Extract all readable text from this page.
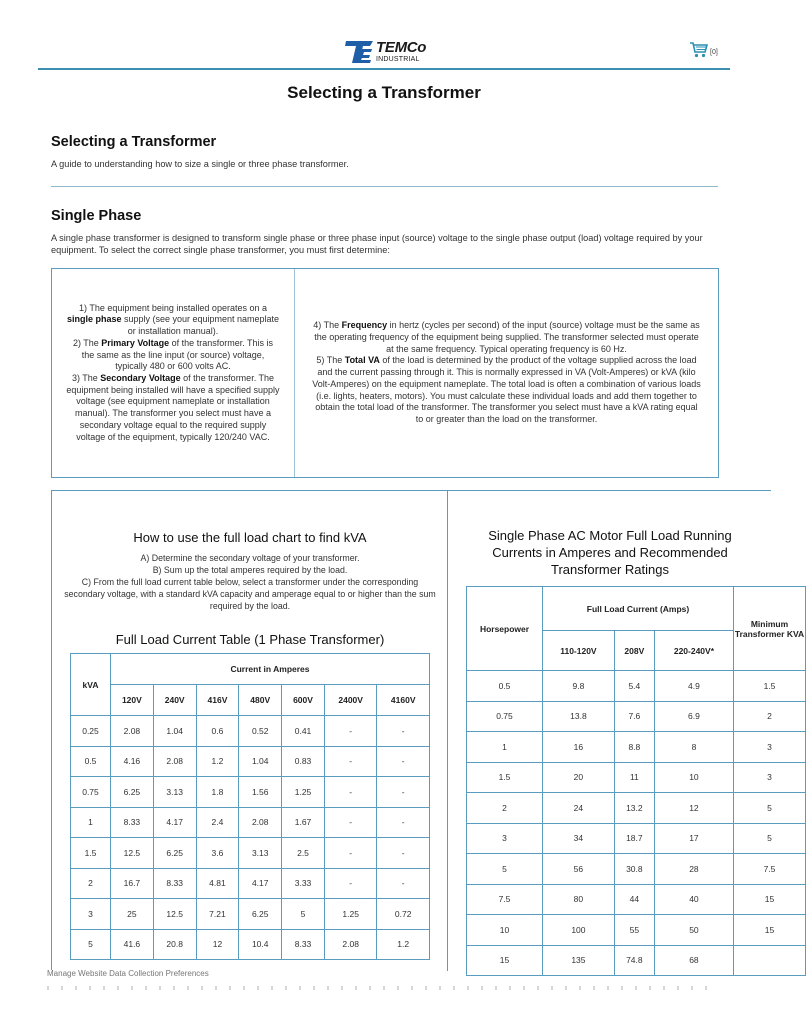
TEMCo
INDUSTRIAL
[0]
Selecting a Transformer
Selecting a Transformer

A guide to understanding how to size a single or three phase transformer.

Single Phase

A single phase transformer is designed to transform single phase or three phase input (source) voltage to the single phase output (load) voltage required by your equipment. To select the correct single phase transformer, you must first determine:

1) The equipment being installed operates on a single phase supply (see your equipment nameplate or installation manual).
2) The Primary Voltage of the transformer. This is the same as the line input (or source) voltage, typically 480 or 600 volts AC.
3) The Secondary Voltage of the transformer. The equipment being installed will have a specified supply voltage (see equipment nameplate or installation manual). The transformer you select must have a secondary voltage equal to the required supply voltage of the equipment, typically 120/240 VAC.
4) The Frequency in hertz (cycles per second) of the input (source) voltage must be the same as the operating frequency of the equipment being supplied. The transformer selected must operate at the same frequency. Typical operating frequency is 60 Hz.
5) The Total VA of the load is determined by the product of the voltage supplied across the load and the current passing through it. This is normally expressed in VA (Volt-Amperes) or kVA (kilo Volt-Amperes) on the equipment nameplate. The total load is often a combination of various loads (i.e. lights, heaters, motors). You must calculate these individual loads and add them together to obtain the total load of the transformer. The transformer you select must have a kVA rating equal to or greater than the load on the transformer.
How to use the full load chart to find kVA
A) Determine the secondary voltage of your transformer.
B) Sum up the total amperes required by the load.
C) From the full load current table below, select a transformer under the corresponding secondary voltage, with a standard kVA capacity and amperage equal to or higher than the sum required by the load.
Full Load Current Table (1 Phase Transformer)
kVA	Current in Amperes						
	120V	240V	416V	480V	600V	2400V	4160V
0.25	2.08	1.04	0.6	0.52	0.41	-	-
0.5	4.16	2.08	1.2	1.04	0.83	-	-
0.75	6.25	3.13	1.8	1.56	1.25	-	-
1	8.33	4.17	2.4	2.08	1.67	-	-
1.5	12.5	6.25	3.6	3.13	2.5	-	-
2	16.7	8.33	4.81	4.17	3.33	-	-
3	25	12.5	7.21	6.25	5	1.25	0.72
5	41.6	20.8	12	10.4	8.33	2.08	1.2
Single Phase AC Motor Full Load Running Currents in Amperes and Recommended Transformer Ratings
Horsepower	Full Load Current (Amps)			Minimum Transformer KVA
	110-120V	208V	220-240V*	
0.5	9.8	5.4	4.9	1.5
0.75	13.8	7.6	6.9	2
1	16	8.8	8	3
1.5	20	11	10	3
2	24	13.2	12	5
3	34	18.7	17	5
5	56	30.8	28	7.5
7.5	80	44	40	15
10	100	55	50	15
15	135	74.8	68	
Manage Website Data Collection Preferences
